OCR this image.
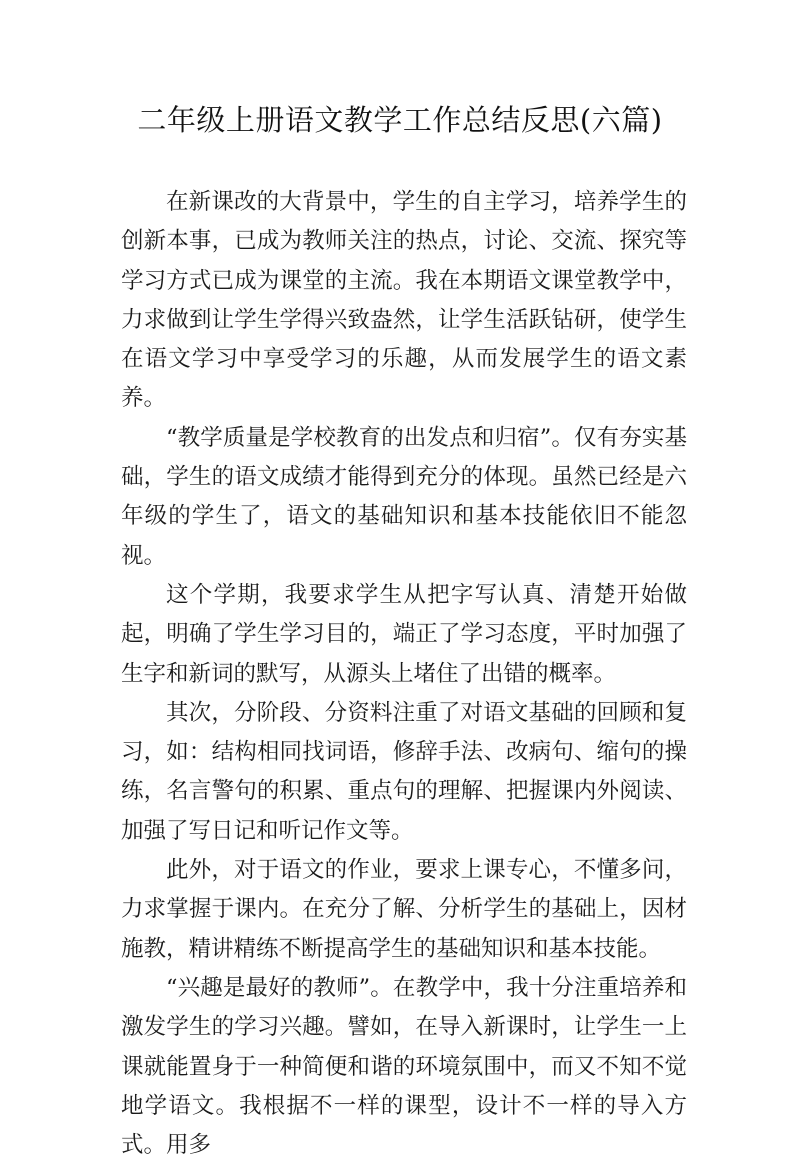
二年级上册语文教学工作总结反思(六篇)

在新课改的大背景中，学生的自主学习，培养学生的创新本事，已成为教师关注的热点，讨论、交流、探究等学习方式已成为课堂的主流。我在本期语文课堂教学中，力求做到让学生学得兴致盎然，让学生活跃钻研，使学生在语文学习中享受学习的乐趣，从而发展学生的语文素养。

“教学质量是学校教育的出发点和归宿”。仅有夯实基础，学生的语文成绩才能得到充分的体现。虽然已经是六年级的学生了，语文的基础知识和基本技能依旧不能忽视。

这个学期，我要求学生从把字写认真、清楚开始做起，明确了学生学习目的，端正了学习态度，平时加强了生字和新词的默写，从源头上堵住了出错的概率。

其次，分阶段、分资料注重了对语文基础的回顾和复习，如：结构相同找词语，修辞手法、改病句、缩句的操练，名言警句的积累、重点句的理解、把握课内外阅读、加强了写日记和听记作文等。

此外，对于语文的作业，要求上课专心，不懂多问，力求掌握于课内。在充分了解、分析学生的基础上，因材施教，精讲精练不断提高学生的基础知识和基本技能。

“兴趣是最好的教师”。在教学中，我十分注重培养和激发学生的学习兴趣。譬如，在导入新课时，让学生一上课就能置身于一种简便和谐的环境氛围中，而又不知不觉地学语文。我根据不一样的课型，设计不一样的导入方式。用多
